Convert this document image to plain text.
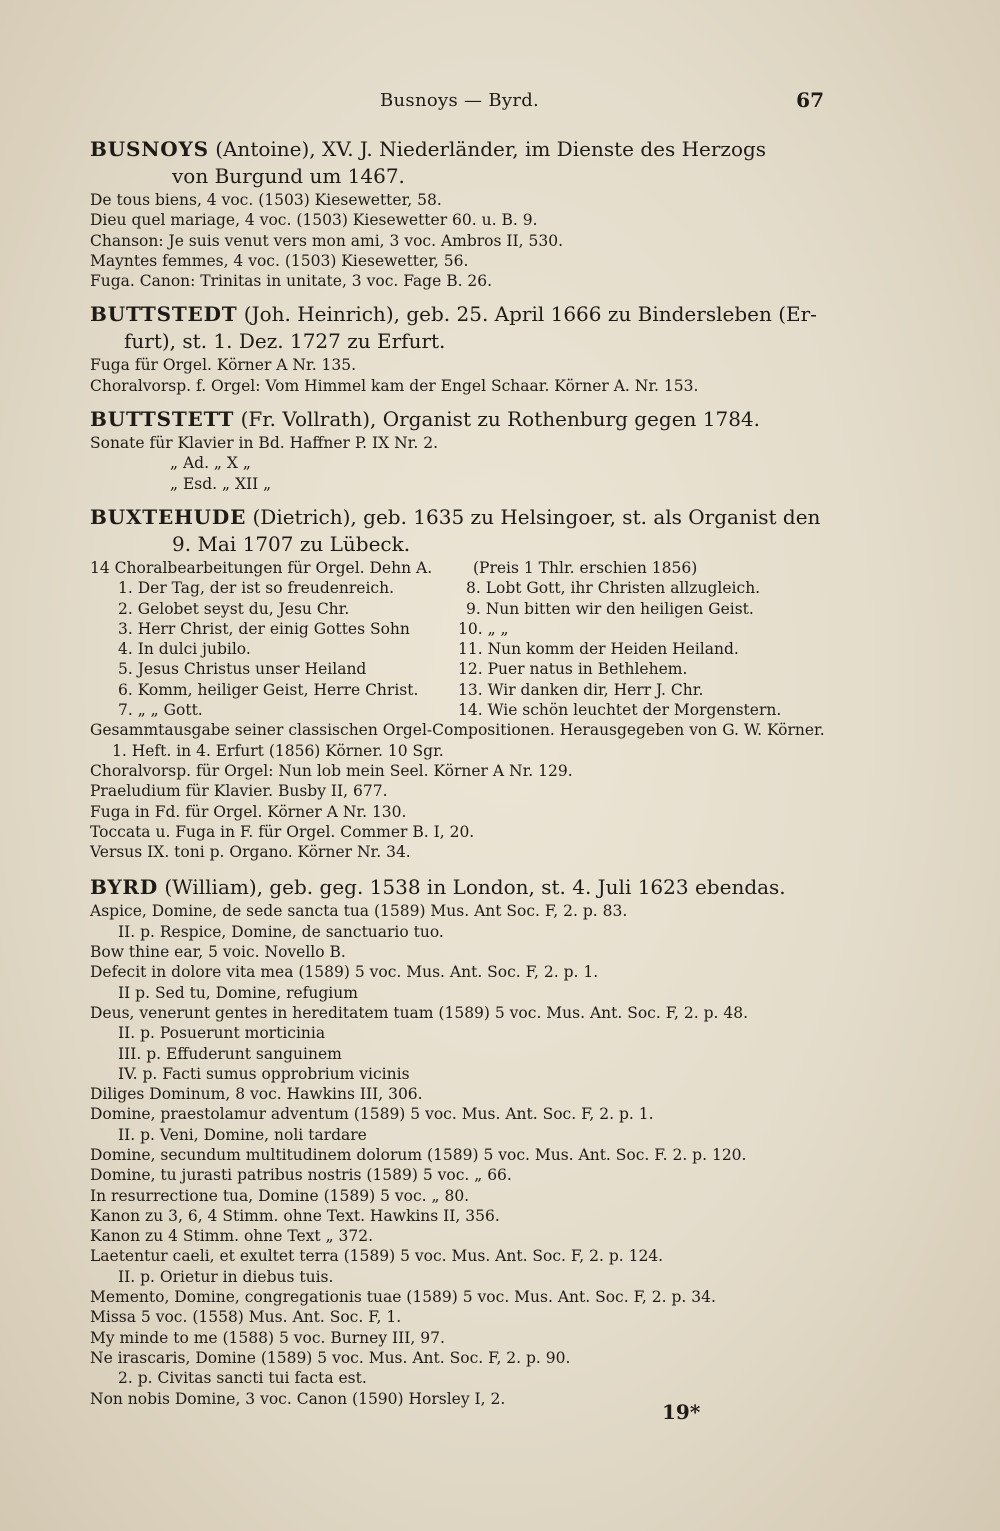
Busnoys — Byrd.	67
BUSNOYS (Antoine), XV. J. Niederländer, im Dienste des Herzogs
von Burgund um 1467.
De tous biens, 4 voc. (1503) Kiesewetter, 58.
Dieu quel mariage, 4 voc. (1503) Kiesewetter 60. u. B. 9.
Chanson: Je suis venut vers mon ami, 3 voc. Ambros II, 530.
Mayntes femmes, 4 voc. (1503) Kiesewetter, 56.
Fuga. Canon: Trinitas in unitate, 3 voc. Fage B. 26.
BUTTSTEDT (Joh. Heinrich), geb. 25. April 1666 zu Bindersleben (Er-
furt), st. 1. Dez. 1727 zu Erfurt.
Fuga für Orgel. Körner A Nr. 135.
Choralvorsp. f. Orgel: Vom Himmel kam der Engel Schaar. Körner A. Nr. 153.
BUTTSTETT (Fr. Vollrath), Organist zu Rothenburg gegen 1784.
Sonate für Klavier in Bd. Haffner P. IX Nr. 2.
„ Ad. „ X „
„ Esd. „ XII „
BUXTEHUDE (Dietrich), geb. 1635 zu Helsingoer, st. als Organist den
9. Mai 1707 zu Lübeck.
14 Choralbearbeitungen für Orgel. Dehn A.	(Preis 1 Thlr. erschien 1856)
1. Der Tag, der ist so freudenreich.
2. Gelobet seyst du, Jesu Chr.
3. Herr Christ, der einig Gottes Sohn
4. In dulci jubilo.
5. Jesus Christus unser Heiland
6. Komm, heiliger Geist, Herre Christ.
7. „ „ Gott.
8. Lobt Gott, ihr Christen allzugleich.
9. Nun bitten wir den heiligen Geist.
10. „ „
11. Nun komm der Heiden Heiland.
12. Puer natus in Bethlehem.
13. Wir danken dir, Herr J. Chr.
14. Wie schön leuchtet der Morgenstern.
Gesammtausgabe seiner classischen Orgel-Compositionen. Herausgegeben von G. W. Körner.
1. Heft. in 4. Erfurt (1856) Körner. 10 Sgr.
Choralvorsp. für Orgel: Nun lob mein Seel. Körner A Nr. 129.
Praeludium für Klavier. Busby II, 677.
Fuga in Fd. für Orgel. Körner A Nr. 130.
Toccata u. Fuga in F. für Orgel. Commer B. I, 20.
Versus IX. toni p. Organo. Körner Nr. 34.
BYRD (William), geb. geg. 1538 in London, st. 4. Juli 1623 ebendas.
Aspice, Domine, de sede sancta tua (1589) Mus. Ant Soc. F, 2. p. 83.
II. p. Respice, Domine, de sanctuario tuo.
Bow thine ear, 5 voic. Novello B.
Defecit in dolore vita mea (1589) 5 voc. Mus. Ant. Soc. F, 2. p. 1.
II p. Sed tu, Domine, refugium
Deus, venerunt gentes in hereditatem tuam (1589) 5 voc. Mus. Ant. Soc. F, 2. p. 48.
II. p. Posuerunt morticinia
III. p. Effuderunt sanguinem
IV. p. Facti sumus opprobrium vicinis
Diliges Dominum, 8 voc. Hawkins III, 306.
Domine, praestolamur adventum (1589) 5 voc. Mus. Ant. Soc. F, 2. p. 1.
II. p. Veni, Domine, noli tardare
Domine, secundum multitudinem dolorum (1589) 5 voc. Mus. Ant. Soc. F. 2. p. 120.
Domine, tu jurasti patribus nostris (1589) 5 voc. „ 66.
In resurrectione tua, Domine (1589) 5 voc. „ 80.
Kanon zu 3, 6, 4 Stimm. ohne Text. Hawkins II, 356.
Kanon zu 4 Stimm. ohne Text „ 372.
Laetentur caeli, et exultet terra (1589) 5 voc. Mus. Ant. Soc. F, 2. p. 124.
II. p. Orietur in diebus tuis.
Memento, Domine, congregationis tuae (1589) 5 voc. Mus. Ant. Soc. F, 2. p. 34.
Missa 5 voc. (1558) Mus. Ant. Soc. F, 1.
My minde to me (1588) 5 voc. Burney III, 97.
Ne irascaris, Domine (1589) 5 voc. Mus. Ant. Soc. F, 2. p. 90.
2. p. Civitas sancti tui facta est.
Non nobis Domine, 3 voc. Canon (1590) Horsley I, 2.
19*
